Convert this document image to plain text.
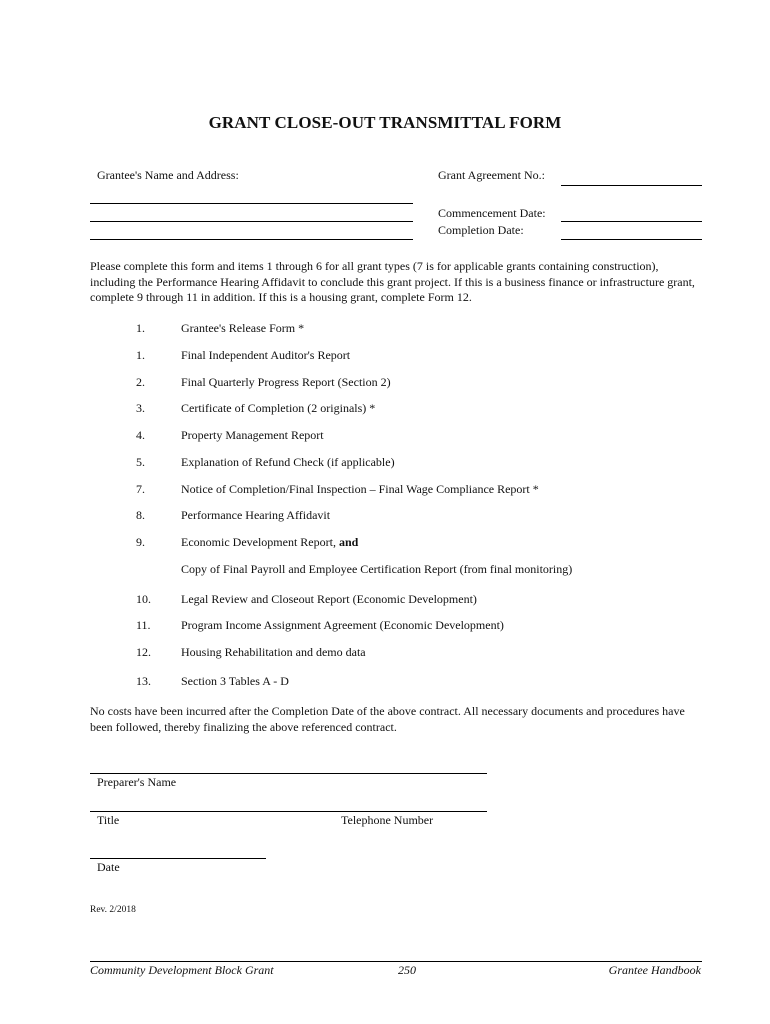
GRANT CLOSE-OUT TRANSMITTAL FORM
Grantee's Name and Address:	Grant Agreement No.:
Commencement Date:
Completion Date:
Please complete this form and items 1 through 6 for all grant types (7 is for applicable grants containing construction), including the Performance Hearing Affidavit to conclude this grant project. If this is a business finance or infrastructure grant, complete 9 through 11 in addition. If this is a housing grant, complete Form 12.
1.	Grantee's Release Form *
1.	Final Independent Auditor's Report
2.	Final Quarterly Progress Report (Section 2)
3.	Certificate of Completion (2 originals) *
4.	Property Management Report
5.	Explanation of Refund Check (if applicable)
7.	Notice of Completion/Final Inspection – Final Wage Compliance Report *
8.	Performance Hearing Affidavit
9.	Economic Development Report, and
Copy of Final Payroll and Employee Certification Report (from final monitoring)
10.	Legal Review and Closeout Report (Economic Development)
11.	Program Income Assignment Agreement (Economic Development)
12.	Housing Rehabilitation and demo data
13.	Section 3 Tables A - D
No costs have been incurred after the Completion Date of the above contract. All necessary documents and procedures have been followed, thereby finalizing the above referenced contract.
Preparer's Name
Title	Telephone Number
Date
Rev. 2/2018
Community Development Block Grant	250	Grantee Handbook
